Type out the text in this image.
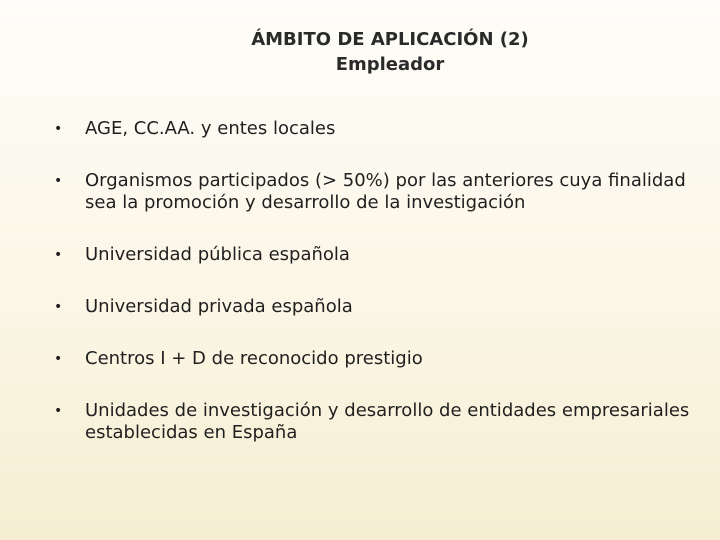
ÁMBITO DE APLICACIÓN (2)
Empleador
• AGE, CC.AA. y entes locales
• Organismos participados (> 50%) por las anteriores cuya finalidad sea la promoción y desarrollo de la investigación
• Universidad pública española
• Universidad privada española
• Centros I + D de reconocido prestigio
• Unidades de investigación y desarrollo de entidades empresariales establecidas en España
